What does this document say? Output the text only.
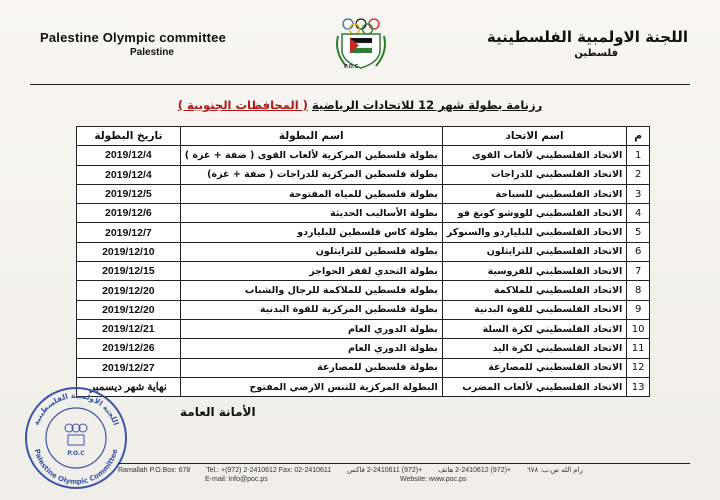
Palestine Olympic committee
Palestine
P.O.C
اللجنة الاولمبية الفلسطينية
فلسطين
رزنامة بطولة شهر 12 للاتحادات الرياضية ( المحافظات الجنوبية )
م	اسم الاتحاد	اسم البطولة	تاريخ البطولة
1	الاتحاد الفلسطيني لألعاب القوى	بطولة فلسطين المركزية لألعاب القوى ( ضفة + غزة )	2019/12/4
2	الاتحاد الفلسطيني للدراجات	بطولة فلسطين المركزية للدراجات ( ضفة + غزة)	2019/12/4
3	الاتحاد الفلسطيني للسباحة	بطولة فلسطين للمياه المفتوحة	2019/12/5
4	الاتحاد الفلسطيني للووشو كونغ فو	بطولة الأساليب الحديثة	2019/12/6
5	الاتحاد الفلسطيني للبلياردو والسنوكر	بطولة كاس فلسطين للبلياردو	2019/12/7
6	الاتحاد الفلسطيني للترايثلون	بطولة فلسطين للترايثلون	2019/12/10
7	الاتحاد الفلسطيني للفروسية	بطولة التحدي لقفز الحواجز	2019/12/15
8	الاتحاد الفلسطيني للملاكمة	بطولة فلسطين للملاكمة للرجال والشباب	2019/12/20
9	الاتحاد الفلسطيني للقوة البدنية	بطولة فلسطين المركزية للقوة البدنية	2019/12/20
10	الاتحاد الفلسطيني لكرة السلة	بطولة الدوري العام	2019/12/21
11	الاتحاد الفلسطيني لكرة اليد	بطولة الدوري العام	2019/12/26
12	الاتحاد الفلسطيني للمصارعة	بطولة فلسطين للمصارعة	2019/12/27
13	الاتحاد الفلسطيني لألعاب المضرب	البطولة المركزية للتنس الارضي المفتوح	نهاية شهر ديسمبر
الأمانة العامة
اللجنة الاولمبية الفلسطينية
Palestine Olympic Committee
P.O.C
Ramallah P.O.Box: 678 Tel.: +(972) 2-2410612 Fax: 02-2410611 +(972) 2-2410611 فاكس +(972) 2-2410612 هاتف رام الله ص.ب: ٦٧٨
E-mail: info@poc.ps	Website: www.poc.ps
